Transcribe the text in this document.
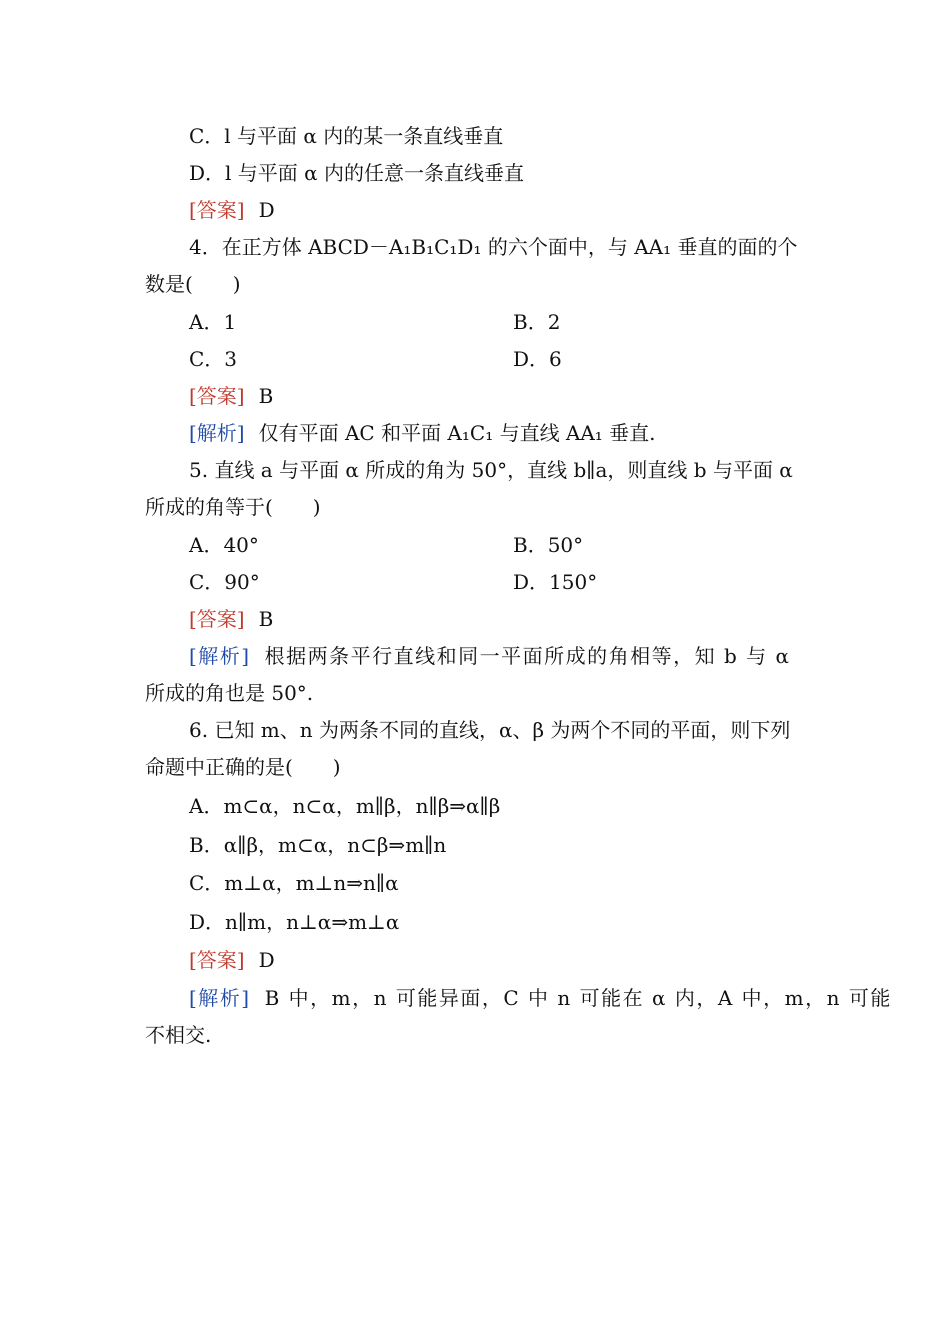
C．l 与平面 α 内的某一条直线垂直
D．l 与平面 α 内的任意一条直线垂直
[答案] D
4．在正方体 ABCD－A₁B₁C₁D₁ 的六个面中，与 AA₁ 垂直的面的个
数是(　　)
A．1	B．2
C．3	D．6
[答案] B
[解析] 仅有平面 AC 和平面 A₁C₁ 与直线 AA₁ 垂直.
5. 直线 a 与平面 α 所成的角为 50°，直线 b∥a，则直线 b 与平面 α
所成的角等于(　　)
A．40°	B．50°
C．90°	D．150°
[答案] B
[解析] 根据两条平行直线和同一平面所成的角相等，知 b 与 α
所成的角也是 50°.
6. 已知 m、n 为两条不同的直线，α、β 为两个不同的平面，则下列
命题中正确的是(　　)
A．m⊂α，n⊂α，m∥β，n∥β⇒α∥β
B．α∥β，m⊂α，n⊂β⇒m∥n
C．m⊥α，m⊥n⇒n∥α
D．n∥m，n⊥α⇒m⊥α
[答案] D
[解析] B 中，m，n 可能异面，C 中 n 可能在 α 内，A 中，m，n 可能
不相交.
